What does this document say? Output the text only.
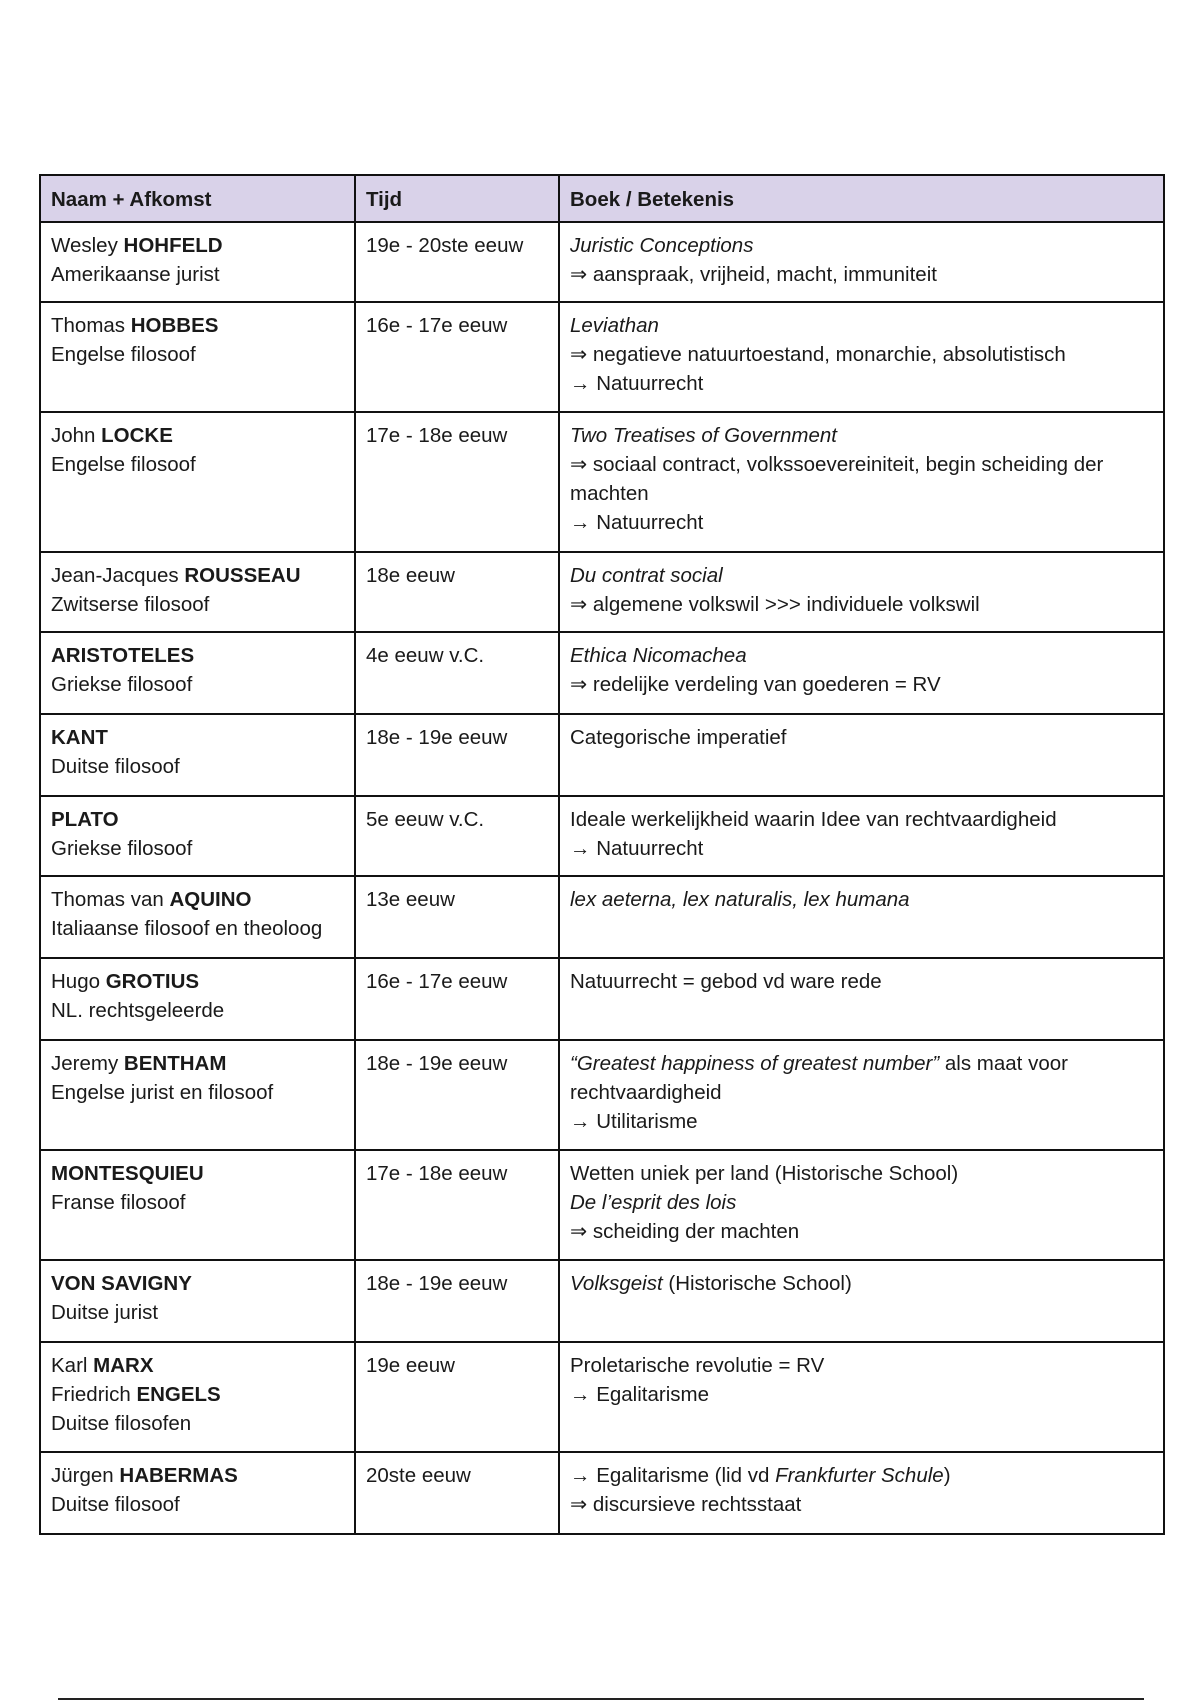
Naam + Afkomst	Tijd	Boek / Betekenis

Wesley HOHFELD
Amerikaanse jurist	19e - 20ste eeuw	Juristic Conceptions
⇒ aanspraak, vrijheid, macht, immuniteit

Thomas HOBBES
Engelse filosoof	16e - 17e eeuw	Leviathan
⇒ negatieve natuurtoestand, monarchie, absolutistisch
→ Natuurrecht

John LOCKE
Engelse filosoof	17e - 18e eeuw	Two Treatises of Government
⇒ sociaal contract, volkssoevereiniteit, begin scheiding der machten
→ Natuurrecht

Jean-Jacques ROUSSEAU
Zwitserse filosoof	18e eeuw	Du contrat social
⇒ algemene volkswil >>> individuele volkswil

ARISTOTELES
Griekse filosoof	4e eeuw v.C.	Ethica Nicomachea
⇒ redelijke verdeling van goederen = RV

KANT
Duitse filosoof	18e - 19e eeuw	Categorische imperatief

PLATO
Griekse filosoof	5e eeuw v.C.	Ideale werkelijkheid waarin Idee van rechtvaardigheid
→ Natuurrecht

Thomas van AQUINO
Italiaanse filosoof en theoloog	13e eeuw	lex aeterna, lex naturalis, lex humana

Hugo GROTIUS
NL. rechtsgeleerde	16e - 17e eeuw	Natuurrecht = gebod vd ware rede

Jeremy BENTHAM
Engelse jurist en filosoof	18e - 19e eeuw	“Greatest happiness of greatest number” als maat voor rechtvaardigheid
→ Utilitarisme

MONTESQUIEU
Franse filosoof	17e - 18e eeuw	Wetten uniek per land (Historische School)
De l’esprit des lois
⇒ scheiding der machten

VON SAVIGNY
Duitse jurist	18e - 19e eeuw	Volksgeist (Historische School)

Karl MARX
Friedrich ENGELS
Duitse filosofen	19e eeuw	Proletarische revolutie = RV
→ Egalitarisme

Jürgen HABERMAS
Duitse filosoof	20ste eeuw	→ Egalitarisme (lid vd Frankfurter Schule)
⇒ discursieve rechtsstaat
